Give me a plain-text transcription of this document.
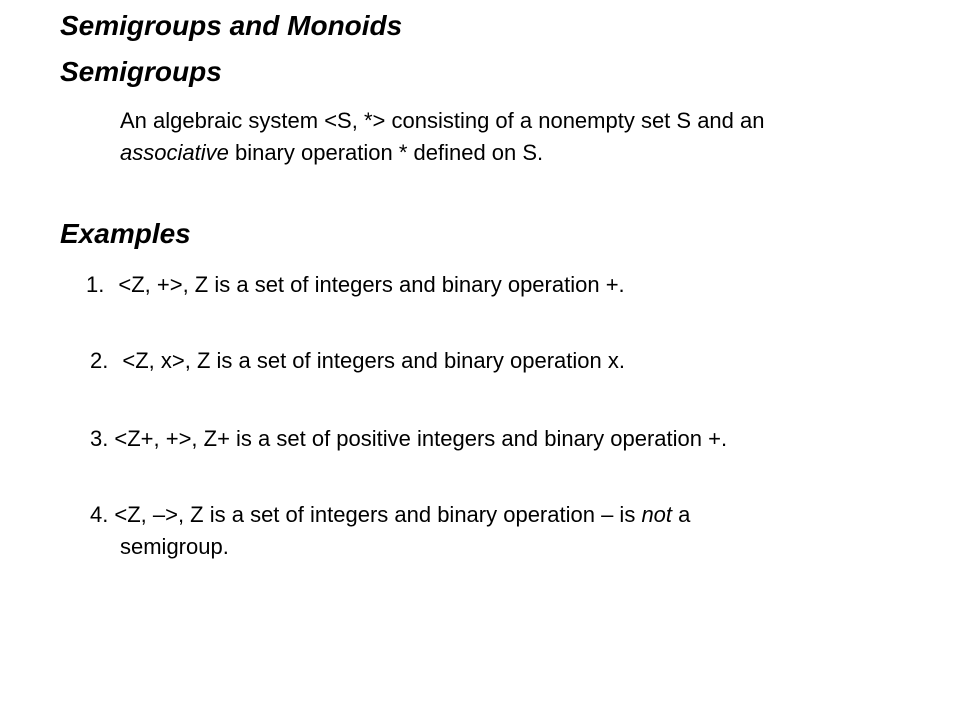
Semigroups and Monoids
Semigroups
An algebraic system <S, *> consisting of a nonempty set S and an
associative binary operation * defined on S.
Examples
1. <Z, +>, Z is a set of integers and binary operation +.
2. <Z, x>, Z is a set of integers and binary operation x.
3. <Z+, +>, Z+ is a set of positive integers and binary operation +.
4. <Z, –>, Z is a set of integers and binary operation – is not a
semigroup.
